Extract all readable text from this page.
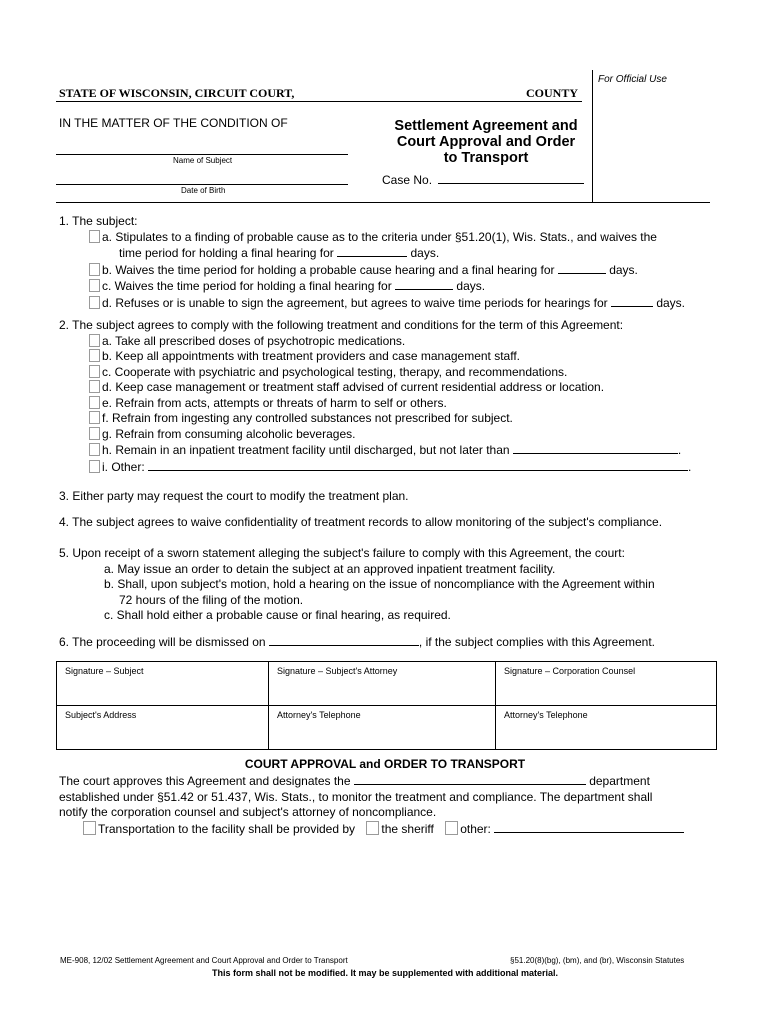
For Official Use
STATE OF WISCONSIN, CIRCUIT COURT,	COUNTY
IN THE MATTER OF THE CONDITION OF
Name of Subject
Date of Birth
Settlement Agreement and
Court Approval and Order
to Transport
Case No.
1. The subject:
a. Stipulates to a finding of probable cause as to the criteria under §51.20(1), Wis. Stats., and waives the
time period for holding a final hearing for	days.
b. Waives the time period for holding a probable cause hearing and a final hearing for	days.
c. Waives the time period for holding a final hearing for	days.
d. Refuses or is unable to sign the agreement, but agrees to waive time periods for hearings for	days.
2. The subject agrees to comply with the following treatment and conditions for the term of this Agreement:
a. Take all prescribed doses of psychotropic medications.
b. Keep all appointments with treatment providers and case management staff.
c. Cooperate with psychiatric and psychological testing, therapy, and recommendations.
d. Keep case management or treatment staff advised of current residential address or location.
e. Refrain from acts, attempts or threats of harm to self or others.
f. Refrain from ingesting any controlled substances not prescribed for subject.
g. Refrain from consuming alcoholic beverages.
h. Remain in an inpatient treatment facility until discharged, but not later than	.
i. Other:	.
3. Either party may request the court to modify the treatment plan.
4. The subject agrees to waive confidentiality of treatment records to allow monitoring of the subject's compliance.
5. Upon receipt of a sworn statement alleging the subject's failure to comply with this Agreement, the court:
a. May issue an order to detain the subject at an approved inpatient treatment facility.
b. Shall, upon subject's motion, hold a hearing on the issue of noncompliance with the Agreement within
72 hours of the filing of the motion.
c. Shall hold either a probable cause or final hearing, as required.
6. The proceeding will be dismissed on	, if the subject complies with this Agreement.
Signature – Subject	Signature – Subject's Attorney	Signature – Corporation Counsel
Subject's Address	Attorney's Telephone	Attorney's Telephone
COURT APPROVAL and ORDER TO TRANSPORT
The court approves this Agreement and designates the	department
established under §51.42 or 51.437, Wis. Stats., to monitor the treatment and compliance. The department shall
notify the corporation counsel and subject's attorney of noncompliance.
Transportation to the facility shall be provided by the sheriff other:
ME-908, 12/02 Settlement Agreement and Court Approval and Order to Transport	§51.20(8)(bg), (bm), and (br), Wisconsin Statutes
This form shall not be modified. It may be supplemented with additional material.
